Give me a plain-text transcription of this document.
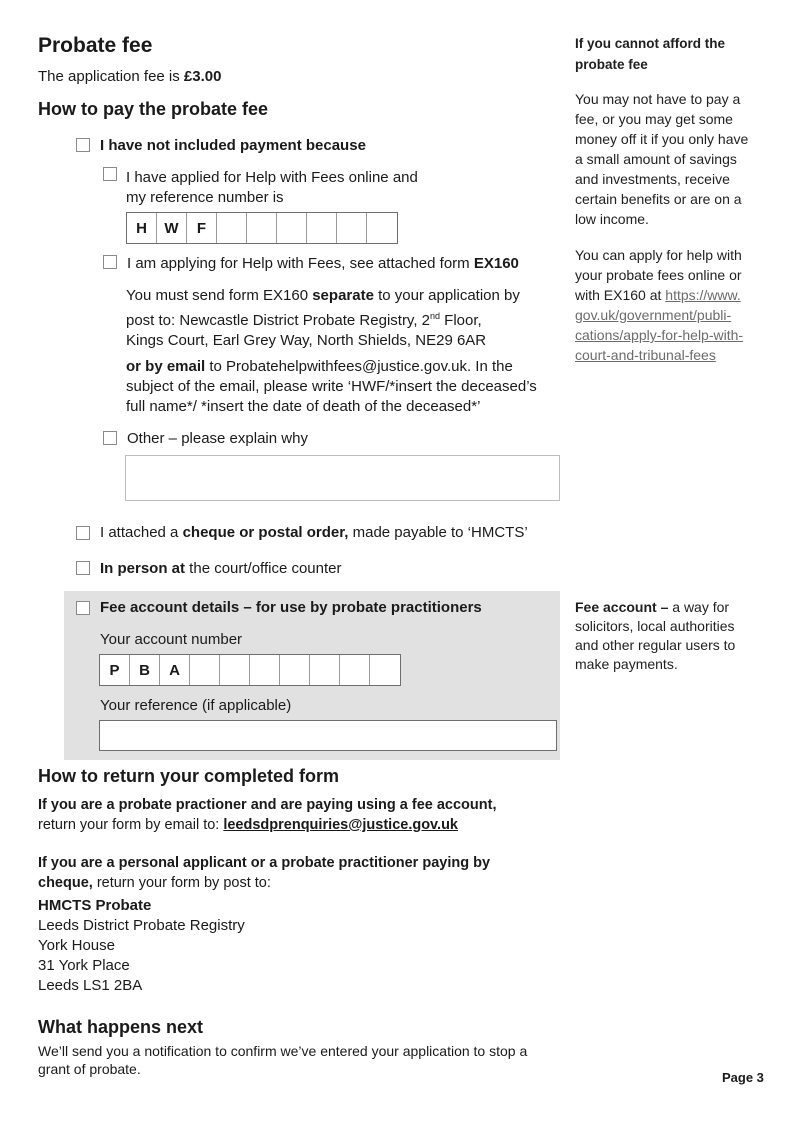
Probate fee
The application fee is £3.00
How to pay the probate fee
I have not included payment because
I have applied for Help with Fees online and
my reference number is
H	W	F
I am applying for Help with Fees, see attached form EX160
You must send form EX160 separate to your application by
post to: Newcastle District Probate Registry, 2nd Floor,
Kings Court, Earl Grey Way, North Shields, NE29 6AR
or by email to Probatehelpwithfees@justice.gov.uk. In the
subject of the email, please write ‘HWF/*insert the deceased’s
full name*/ *insert the date of death of the deceased*’
Other – please explain why
I attached a cheque or postal order, made payable to ‘HMCTS’
In person at the court/office counter
Fee account details – for use by probate practitioners
Your account number
P	B	A
Your reference (if applicable)
How to return your completed form
If you are a probate practioner and are paying using a fee account,
return your form by email to: leedsdprenquiries@justice.gov.uk
If you are a personal applicant or a probate practitioner paying by
cheque, return your form by post to:
HMCTS Probate
Leeds District Probate Registry
York House
31 York Place
Leeds LS1 2BA
What happens next
We’ll send you a notification to confirm we’ve entered your application to stop a
grant of probate.
If you cannot afford the
probate fee
You may not have to pay a
fee, or you may get some
money off it if you only have
a small amount of savings
and investments, receive
certain benefits or are on a
low income.
You can apply for help with
your probate fees online or
with EX160 at https://www.
gov.uk/government/publi-
cations/apply-for-help-with-
court-and-tribunal-fees
Fee account – a way for
solicitors, local authorities
and other regular users to
make payments.
Page 3
